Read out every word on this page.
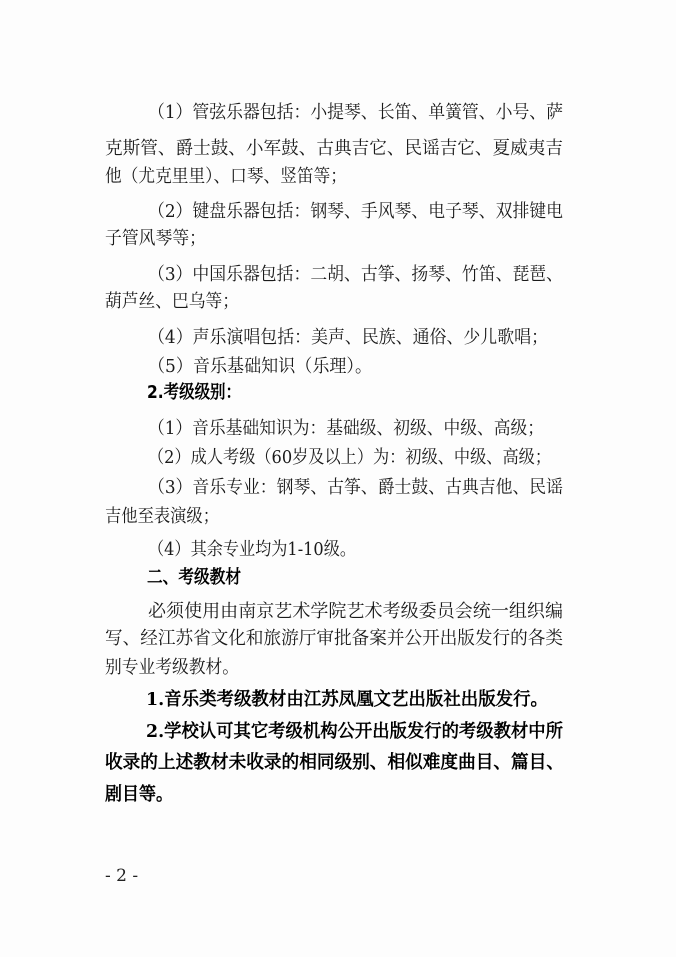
（1）管弦乐器包括：小提琴、长笛、单簧管、小号、萨
克斯管、爵士鼓、小军鼓、古典吉它、民谣吉它、夏威夷吉
他（尤克里里）、口琴、竖笛等；
（2）键盘乐器包括：钢琴、手风琴、电子琴、双排键电
子管风琴等；
（3）中国乐器包括：二胡、古筝、扬琴、竹笛、琵琶、
葫芦丝、巴乌等；
（4）声乐演唱包括：美声、民族、通俗、少儿歌唱；
（5）音乐基础知识（乐理）。
2.考级级别：
（1）音乐基础知识为：基础级、初级、中级、高级；
（2）成人考级（60岁及以上）为：初级、中级、高级；
（3）音乐专业：钢琴、古筝、爵士鼓、古典吉他、民谣
吉他至表演级；
（4）其余专业均为1-10级。
二、考级教材
必须使用由南京艺术学院艺术考级委员会统一组织编
写、经江苏省文化和旅游厅审批备案并公开出版发行的各类
别专业考级教材。
1.音乐类考级教材由江苏凤凰文艺出版社出版发行。
2.学校认可其它考级机构公开出版发行的考级教材中所
收录的上述教材未收录的相同级别、相似难度曲目、篇目、
剧目等。
- 2 -
